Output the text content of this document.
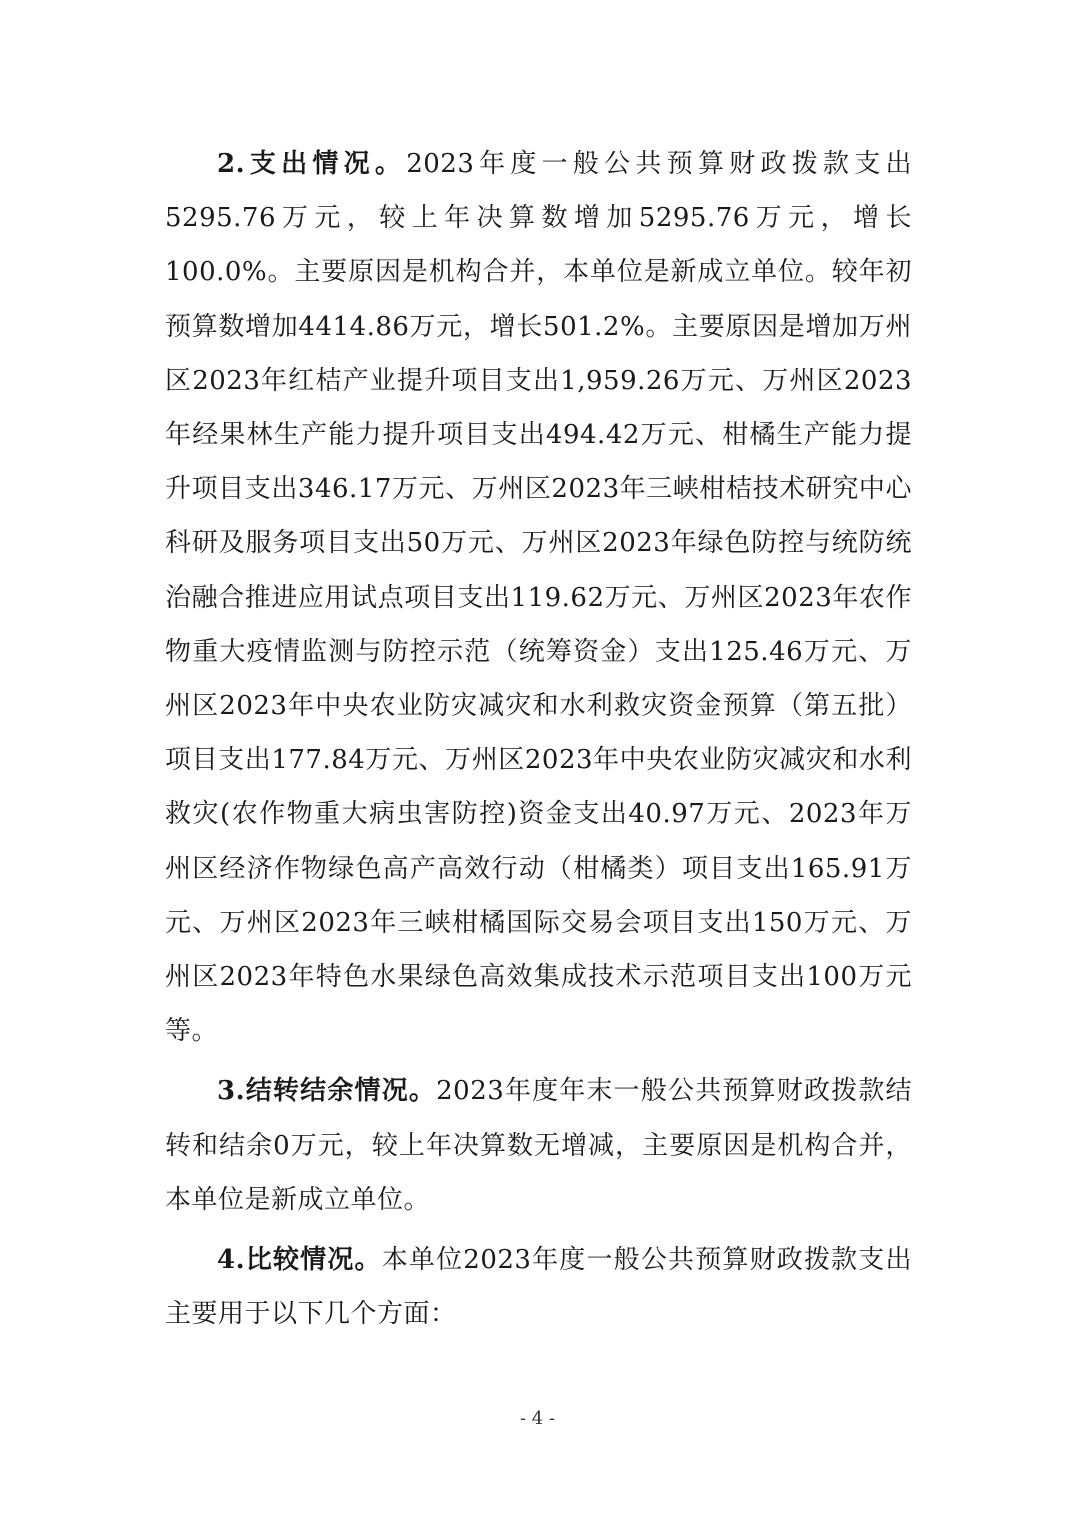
2.支出情况。2023年度一般公共预算财政拨款支出5295.76万元，较上年决算数增加5295.76万元，增长100.0%。主要原因是机构合并，本单位是新成立单位。较年初预算数增加4414.86万元，增长501.2%。主要原因是增加万州区2023年红桔产业提升项目支出1,959.26万元、万州区2023年经果林生产能力提升项目支出494.42万元、柑橘生产能力提升项目支出346.17万元、万州区2023年三峡柑桔技术研究中心科研及服务项目支出50万元、万州区2023年绿色防控与统防统治融合推进应用试点项目支出119.62万元、万州区2023年农作物重大疫情监测与防控示范（统筹资金）支出125.46万元、万州区2023年中央农业防灾减灾和水利救灾资金预算（第五批）项目支出177.84万元、万州区2023年中央农业防灾减灾和水利救灾(农作物重大病虫害防控)资金支出40.97万元、2023年万州区经济作物绿色高产高效行动（柑橘类）项目支出165.91万元、万州区2023年三峡柑橘国际交易会项目支出150万元、万州区2023年特色水果绿色高效集成技术示范项目支出100万元等。

3.结转结余情况。2023年度年末一般公共预算财政拨款结转和结余0万元，较上年决算数无增减，主要原因是机构合并，本单位是新成立单位。

4.比较情况。本单位2023年度一般公共预算财政拨款支出主要用于以下几个方面：

- 4 -
